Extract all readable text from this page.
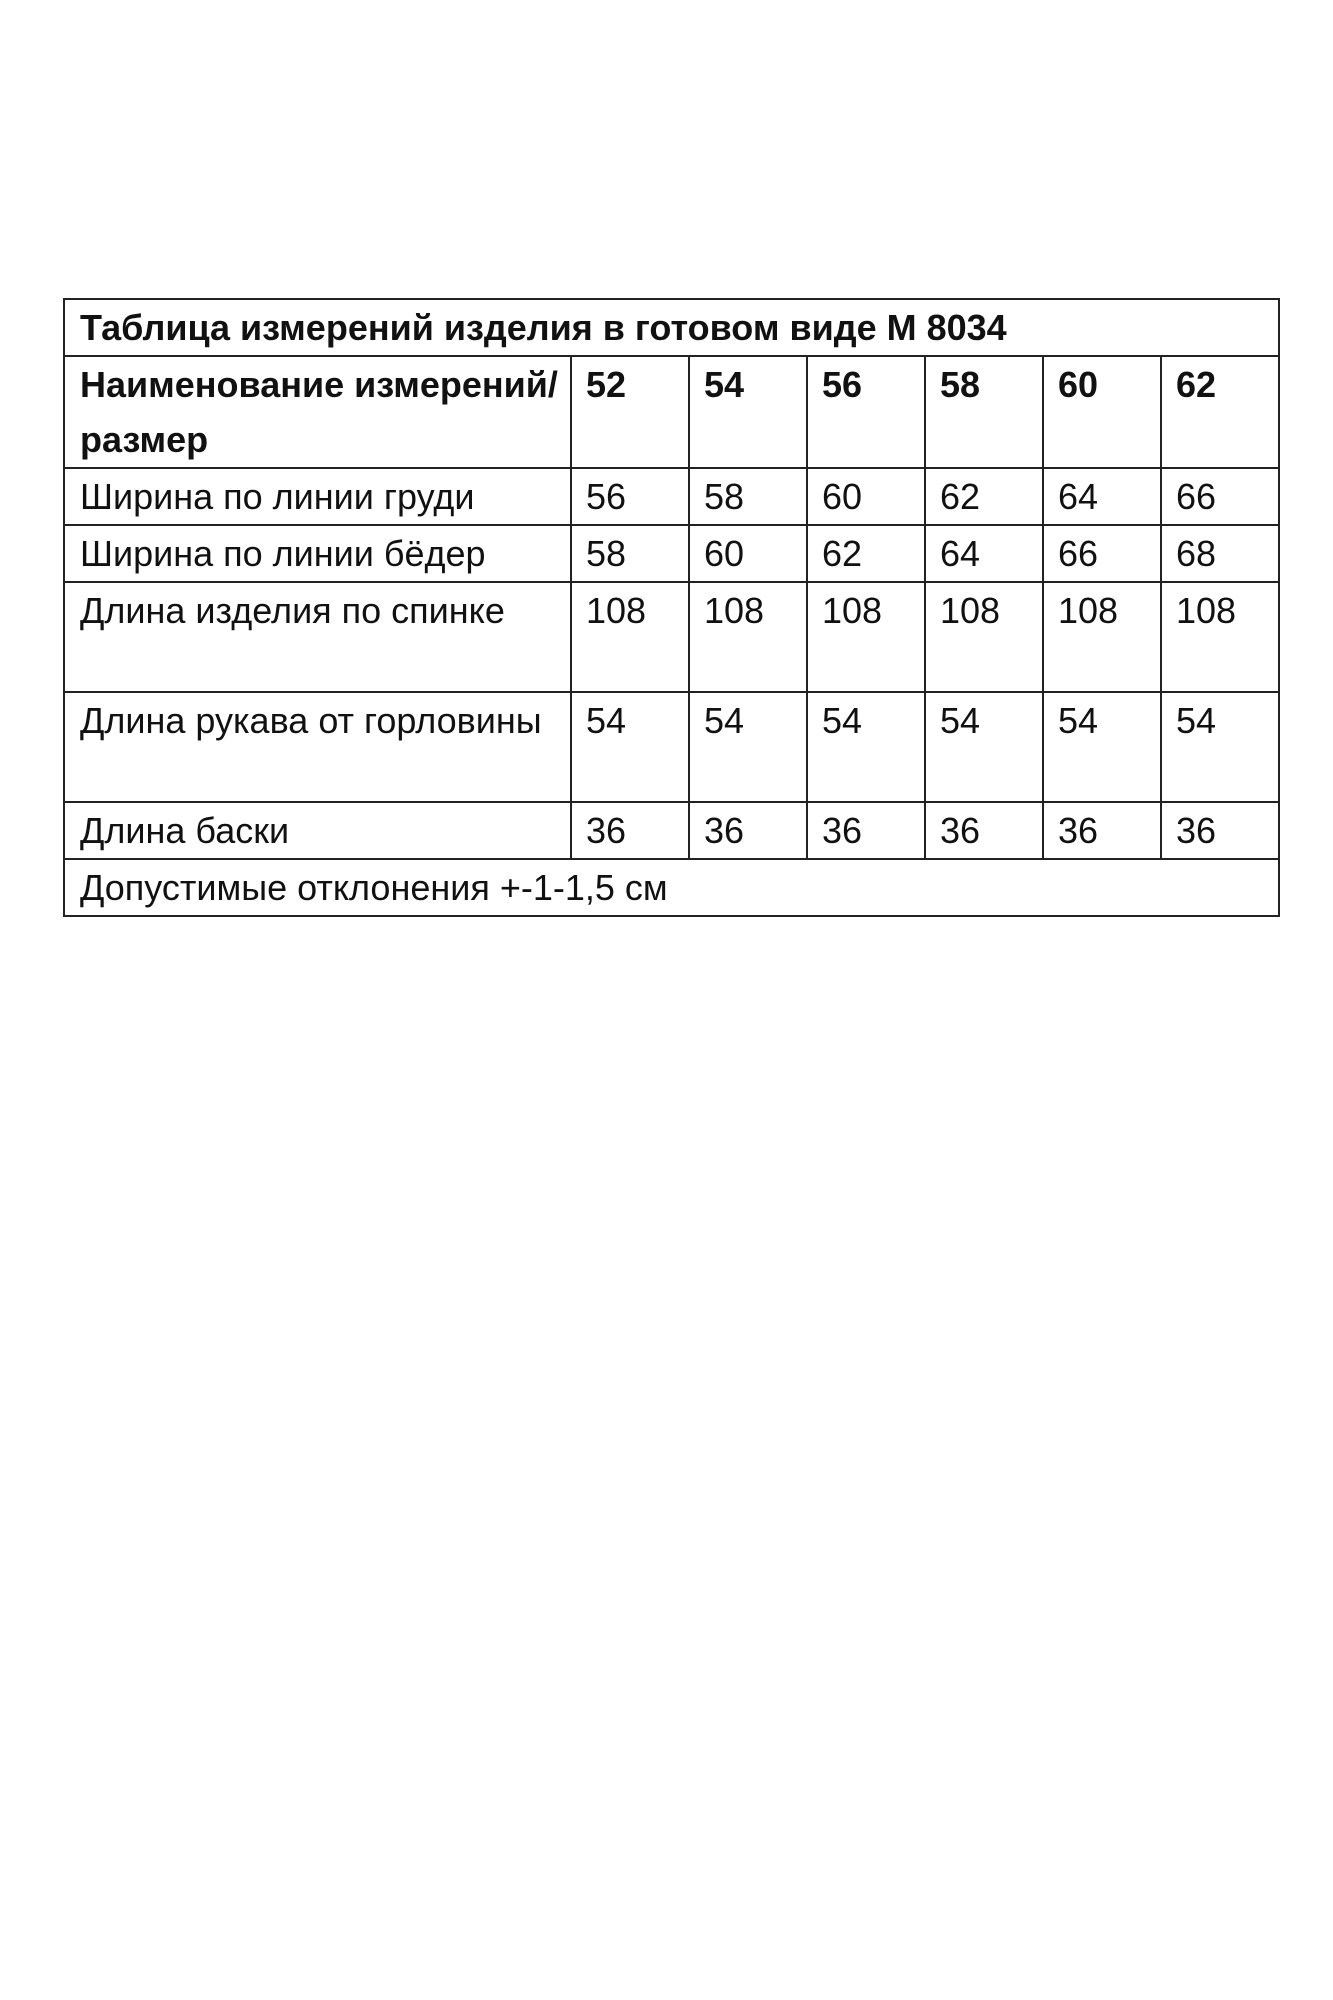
Таблица измерений изделия в готовом виде М 8034						
Наименование измерений/размер	52	54	56	58	60	62
Ширина по линии груди	56	58	60	62	64	66
Ширина по линии бёдер	58	60	62	64	66	68
Длина изделия по спинке	108	108	108	108	108	108
Длина рукава от горловины	54	54	54	54	54	54
Длина баски	36	36	36	36	36	36
Допустимые отклонения +-1-1,5 см						
